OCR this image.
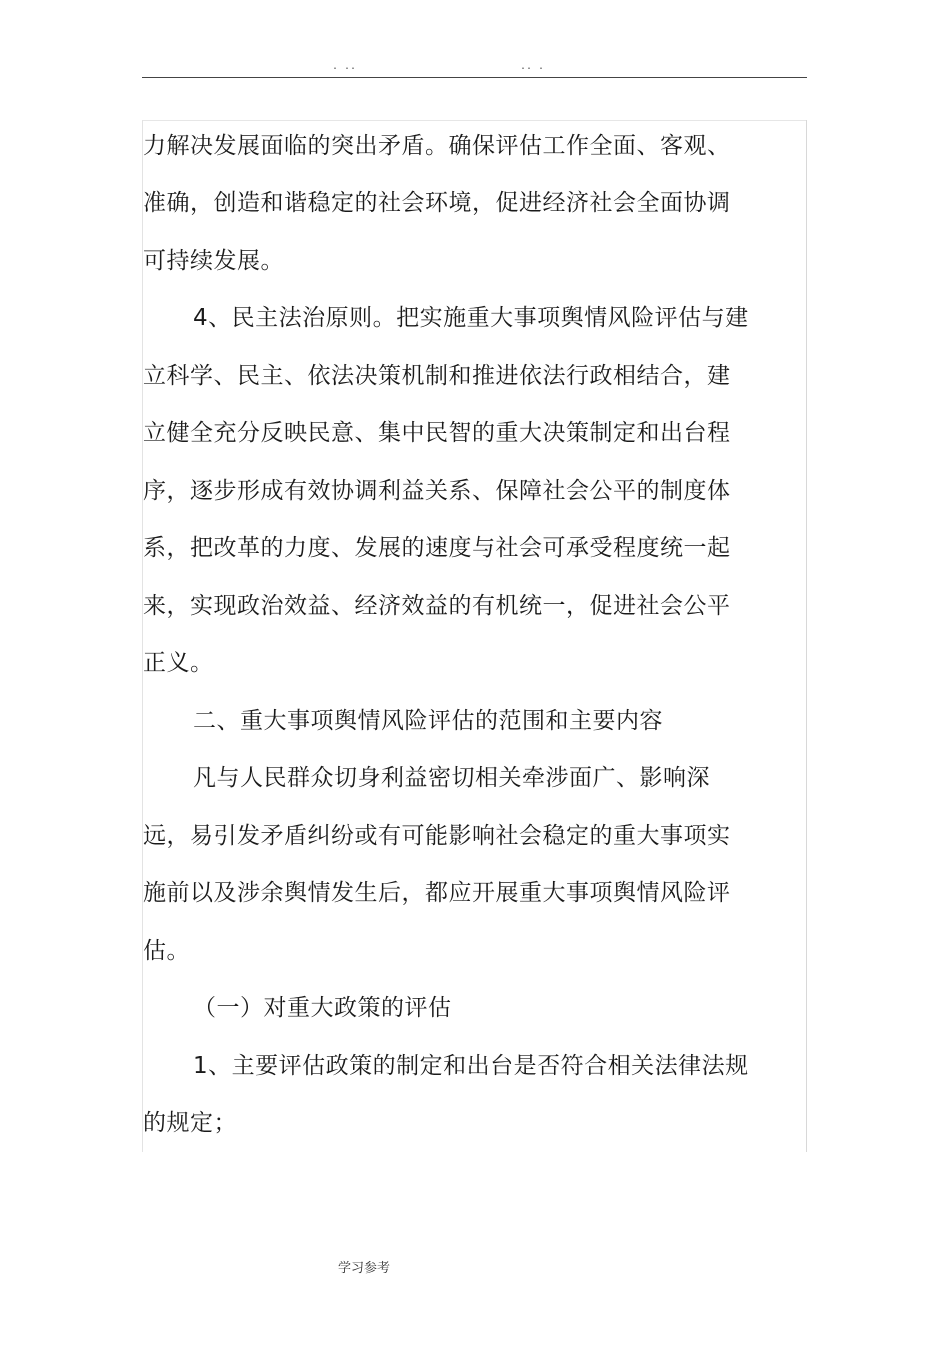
. ..	.. .
力解决发展面临的突出矛盾。确保评估工作全面、客观、
准确，创造和谐稳定的社会环境，促进经济社会全面协调
可持续发展。
4、民主法治原则。把实施重大事项舆情风险评估与建
立科学、民主、依法决策机制和推进依法行政相结合，建
立健全充分反映民意、集中民智的重大决策制定和出台程
序，逐步形成有效协调利益关系、保障社会公平的制度体
系，把改革的力度、发展的速度与社会可承受程度统一起
来，实现政治效益、经济效益的有机统一，促进社会公平
正义。
二、重大事项舆情风险评估的范围和主要内容
凡与人民群众切身利益密切相关牵涉面广、影响深
远，易引发矛盾纠纷或有可能影响社会稳定的重大事项实
施前以及涉余舆情发生后，都应开展重大事项舆情风险评
估。
（一）对重大政策的评估
1、主要评估政策的制定和出台是否符合相关法律法规
的规定；
学习参考
